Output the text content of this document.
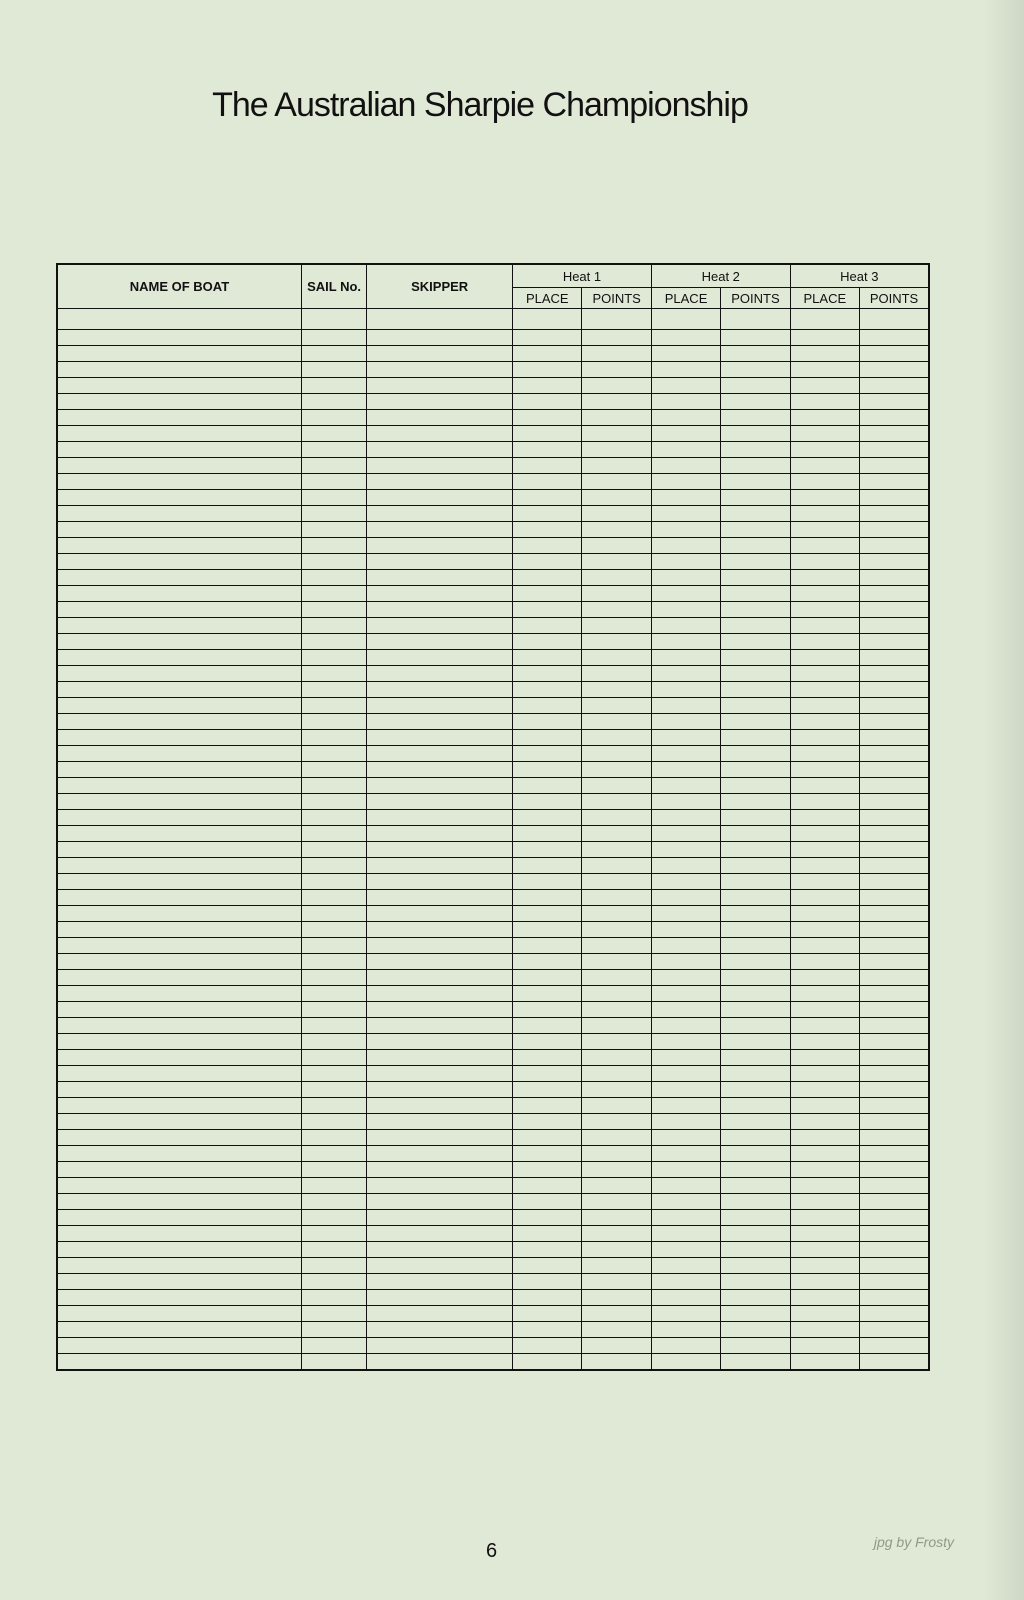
The Australian Sharpie Championship
NAME OF BOAT	SAIL No.	SKIPPER	Heat 1		Heat 2		Heat 3	
			PLACE	POINTS	PLACE	POINTS	PLACE	POINTS

6	jpg by Frosty
